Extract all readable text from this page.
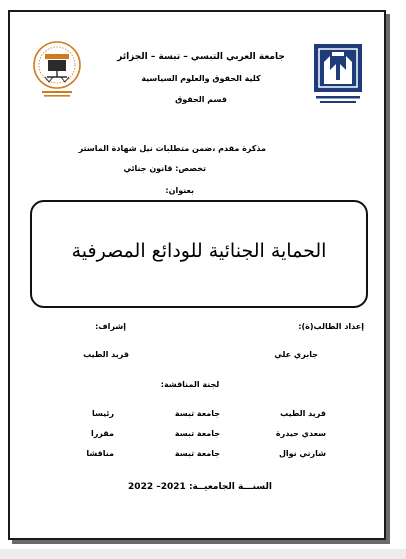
جامعة العربي التبسي – تبسة – الجزائر
كلية الحقوق والعلوم السياسية
قسم الحقوق
مذكرة مقدم ،ضمن متطلبات نيل شهادة الماستر
تخصص: قانون جنائي
بعنوان:
الحماية الجنائية للودائع المصرفية
إعداد الطالب(ة):
إشراف:
جابري علي
قريد الطيب
لجنة المناقشة:
قريد الطيب
جامعة تبسة
رئيسا
سعدي حيدرة
جامعة تبسة
مقررا
شارني نوال
جامعة تبسة
مناقشا
السنـــة الجامعيــة: 2021– 2022
